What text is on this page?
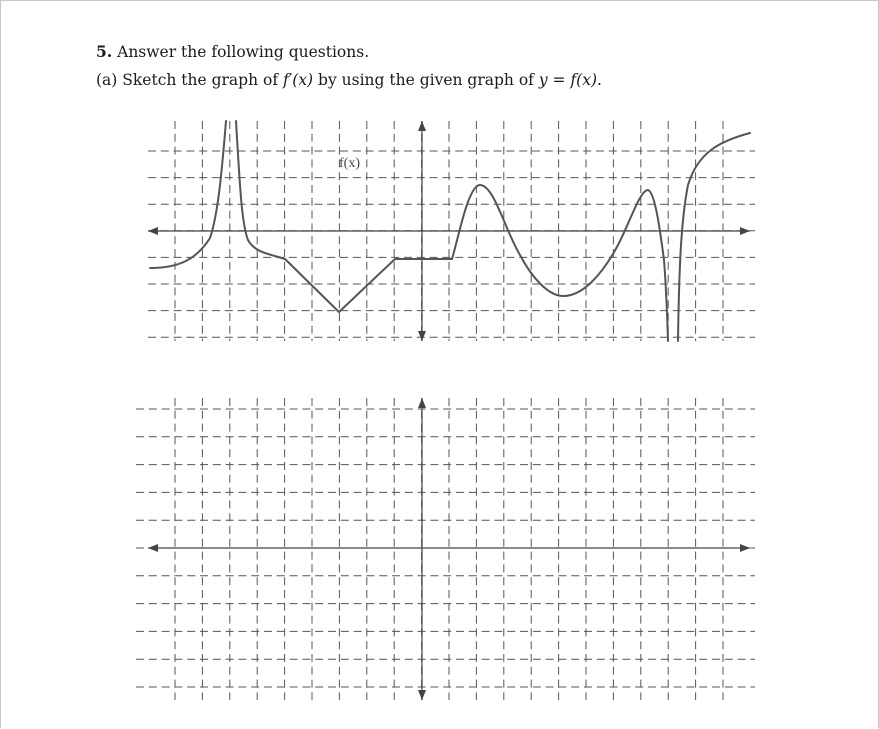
5. Answer the following questions.
(a) Sketch the graph of f′(x) by using the given graph of y = f(x).
f(x)
